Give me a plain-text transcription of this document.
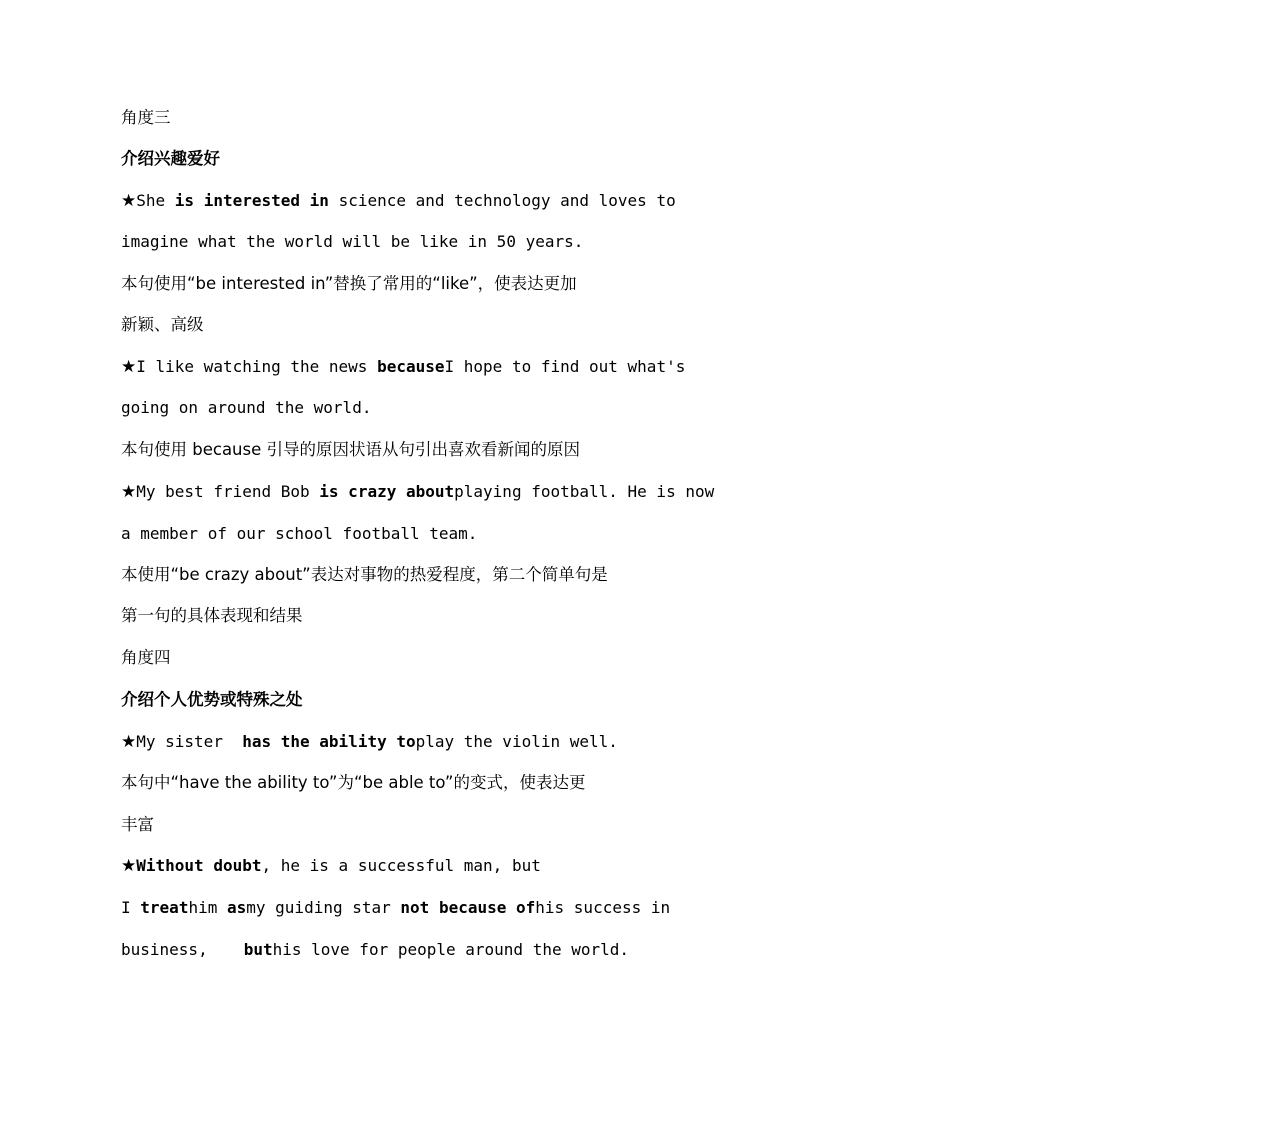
角度三
介绍兴趣爱好
★She is interested in science and technology and loves to
imagine what the world will be like in 50 years.
本句使用“be interested in”替换了常用的“like”，使表达更加
新颖、高级
★I like watching the news becauseI hope to find out what's
going on around the world.
本句使用 because 引导的原因状语从句引出喜欢看新闻的原因
★My best friend Bob is crazy aboutplaying football. He is now
a member of our school football team.
本使用“be crazy about”表达对事物的热爱程度，第二个简单句是
第一句的具体表现和结果
角度四
介绍个人优势或特殊之处
★My sister has the ability toplay the violin well.
本句中“have the ability to”为“be able to”的变式，使表达更
丰富
★Without doubt, he is a successful man, but
I treathim asmy guiding star not because ofhis success in
business, buthis love for people around the world.
